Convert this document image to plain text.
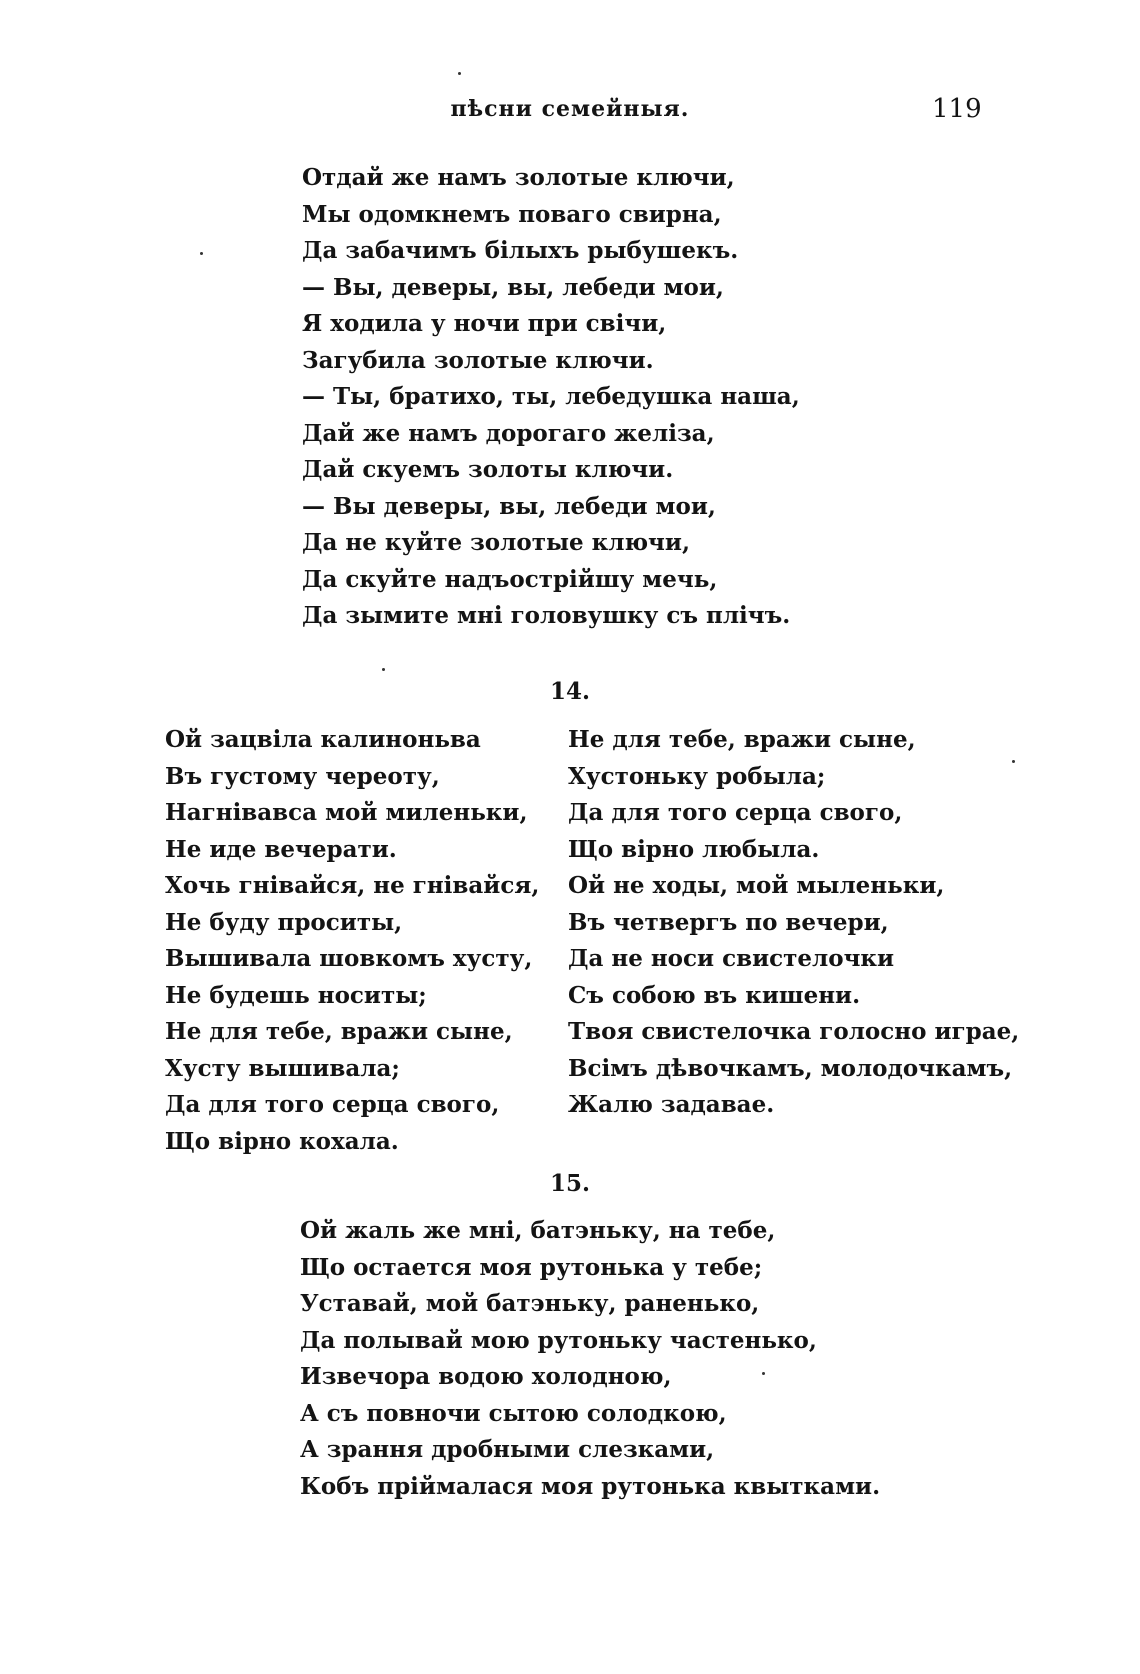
пѣсни семейныя.	119
Отдай же намъ золотые ключи,
Мы одомкнемъ поваго свирна,
Да забачимъ білыхъ рыбушекъ.
— Вы, деверы, вы, лебеди мои,
Я ходила у ночи при свічи,
Загубила золотые ключи.
— Ты, братихо, ты, лебедушка наша,
Дай же намъ дорогаго желіза,
Дай скуемъ золоты ключи.
— Вы деверы, вы, лебеди мои,
Да не куйте золотые ключи,
Да скуйте надъострійшу мечь,
Да зымите мні головушку съ плічъ.
14.
Ой зацвіла калиноньва
Въ густому череоту,
Нагнівавса мой миленьки,
Не иде вечерати.
Хочь гнівайся, не гнівайся,
Не буду проситы,
Вышивала шовкомъ хусту,
Не будешь носиты;
Не для тебе, вражи сыне,
Хусту вышивала;
Да для того серца свого,
Що вірно кохала.
Не для тебе, вражи сыне,
Хустоньку робыла;
Да для того серца свого,
Що вірно любыла.
Ой не ходы, мой мыленьки,
Въ четвергъ по вечери,
Да не носи свистелочки
Съ собою въ кишени.
Твоя свистелочка голосно играе,
Всімъ дѣвочкамъ, молодочкамъ,
Жалю задавае.
15.
Ой жаль же мні, батэньку, на тебе,
Що остается моя рутонька у тебе;
Уставай, мой батэньку, раненько,
Да полывай мою рутоньку частенько,
Извечора водою холодною,
А съ повночи сытою солодкою,
А зрання дробными слезками,
Кобъ пріймалася моя рутонька квытками.
